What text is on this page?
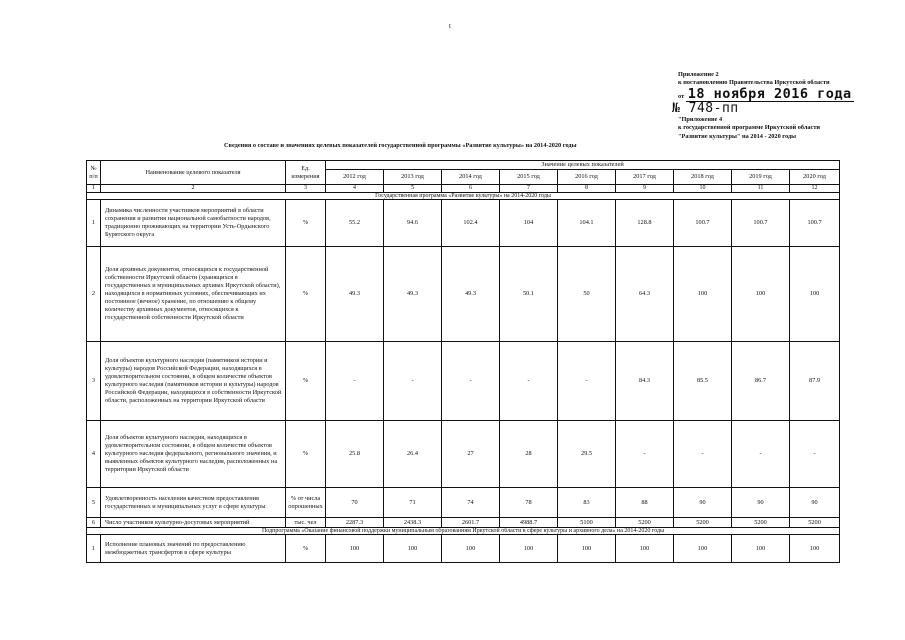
t
Приложение 2
к постановлению Правительства Иркутской области
от 18 ноября 2016 года
№ 748-пп
"Приложение 4
к государственной программе Иркутской области
"Развитие культуры" на 2014 - 2020 годы
Сведения о составе и значениях целевых показателей государственной программы «Развитие культуры» на 2014-2020 годы
№ п/п	Наименование целевого показателя	Ед. измерения	Значение целевых показателей								
			2012 год	2013 год	2014 год	2015 год	2016 год	2017 год	2018 год	2019 год	2020 год
1	2	3	4	5	6	7	8	9	10	11	12
Государственная программа «Развитие культуры» на 2014-2020 годы											
1	Динамика численности участников мероприятий в области сохранения и развития национальной самобытности народов, традиционно проживающих на территории Усть-Ордынского Бурятского округа	%	55.2	94.6	102.4	104	104.1	128.8	100.7	100.7	100.7
2	Доля архивных документов, относящихся к государственной собственности Иркутской области (хранящихся в государственных и муниципальных архивах Иркутской области), находящихся в нормативных условиях, обеспечивающих их постоянное (вечное) хранение, по отношению к общему количеству архивных документов, относящихся к государственной собственности Иркутской области	%	49.3	49.3	49.3	50.1	50	64.3	100	100	100
3	Доля объектов культурного наследия (памятников истории и культуры) народов Российской Федерации, находящихся в удовлетворительном состоянии, в общем количестве объектов культурного наследия (памятников истории и культуры) народов Российской Федерации, находящихся в собственности Иркутской области, расположенных на территории Иркутской области	%	-	-	-	-	-	84.3	85.5	86.7	87.9
4	Доля объектов культурного наследия, находящихся в удовлетворительном состоянии, в общем количестве объектов культурного наследия федерального, регионального значения, и выявленных объектов культурного наследия, расположенных на территории Иркутской области	%	25.8	26.4	27	28	29.5	-	-	-	-
5	Удовлетворенность населения качеством предоставления государственных и муниципальных услуг в сфере культуры	% от числа опрошенных	70	71	74	78	83	88	90	90	90
6	Число участников культурно-досуговых мероприятий	тыс. чел	2287.3	2438.3	2601.7	4988.7	5100	5200	5200	5200	5200
Подпрограмма «Оказание финансовой поддержки муниципальным образованиям Иркутской области в сфере культуры и архивного дела» на 2014-2020 годы											
1	Исполнение плановых значений по предоставлению межбюджетных трансфертов в сфере культуры	%	100	100	100	100	100	100	100	100	100
